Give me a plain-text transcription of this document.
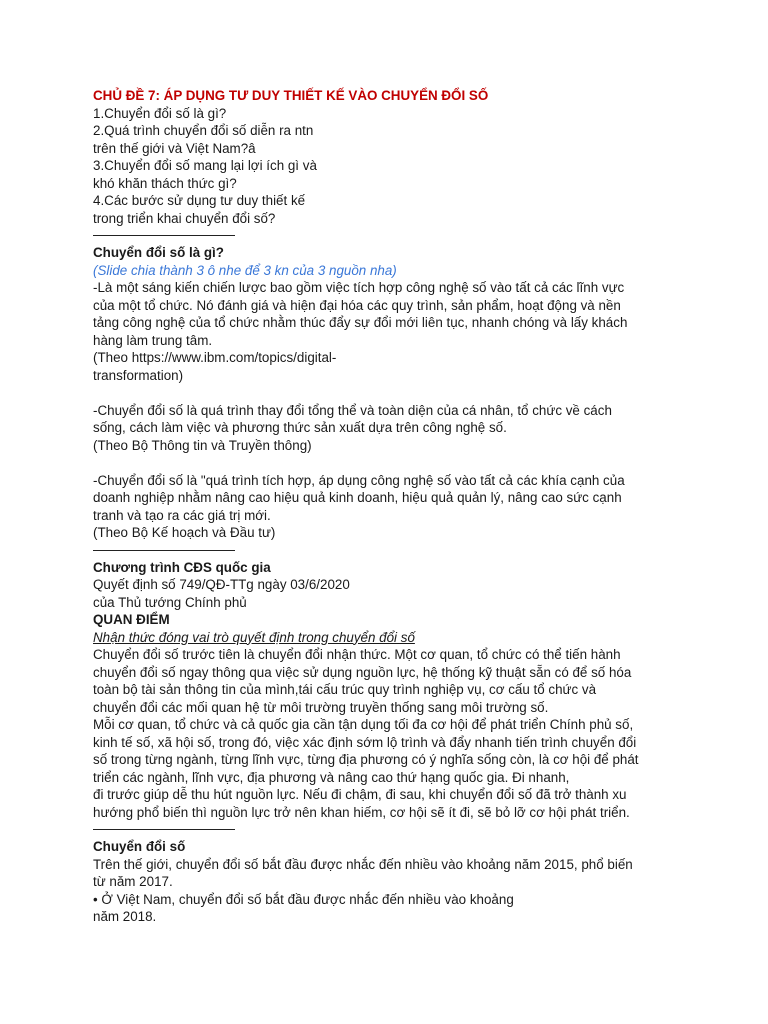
CHỦ ĐỀ 7: ÁP DỤNG TƯ DUY THIẾT KẾ VÀO CHUYỂN ĐỔI SỐ
1.Chuyển đổi số là gì?
2.Quá trình chuyển đổi số diễn ra ntn
trên thế giới và Việt Nam?â
3.Chuyển đổi số mang lại lợi ích gì và
khó khăn thách thức gì?
4.Các bước sử dụng tư duy thiết kế
trong triển khai chuyển đổi số?
Chuyển đổi số là gì?
(Slide chia thành 3 ô nhe để 3 kn của 3 nguồn nha)
-Là một sáng kiến chiến lược bao gồm việc tích hợp công nghệ số vào tất cả các lĩnh vực
của một tổ chức. Nó đánh giá và hiện đại hóa các quy trình, sản phẩm, hoạt động và nền
tảng công nghệ của tổ chức nhằm thúc đẩy sự đổi mới liên tục, nhanh chóng và lấy khách
hàng làm trung tâm.
(Theo https://www.ibm.com/topics/digital-
transformation)
-Chuyển đổi số là quá trình thay đổi tổng thể và toàn diện của cá nhân, tổ chức về cách
sống, cách làm việc và phương thức sản xuất dựa trên công nghệ số.
(Theo Bộ Thông tin và Truyền thông)
-Chuyển đổi số là "quá trình tích hợp, áp dụng công nghệ số vào tất cả các khía cạnh của
doanh nghiệp nhằm nâng cao hiệu quả kinh doanh, hiệu quả quản lý, nâng cao sức cạnh
tranh và tạo ra các giá trị mới.
(Theo Bộ Kế hoạch và Đầu tư)
Chương trình CĐS quốc gia
Quyết định số 749/QĐ-TTg ngày 03/6/2020
của Thủ tướng Chính phủ
QUAN ĐIỂM
Nhận thức đóng vai trò quyết định trong chuyển đổi số
Chuyển đổi số trước tiên là chuyển đổi nhận thức. Một cơ quan, tổ chức có thể tiến hành
chuyển đổi số ngay thông qua việc sử dụng nguồn lực, hệ thống kỹ thuật sẵn có để số hóa
toàn bộ tài sản thông tin của mình,tái cấu trúc quy trình nghiệp vụ, cơ cấu tổ chức và
chuyển đổi các mối quan hệ từ môi trường truyền thống sang môi trường số.
Mỗi cơ quan, tổ chức và cả quốc gia cần tận dụng tối đa cơ hội để phát triển Chính phủ số,
kinh tế số, xã hội số, trong đó, việc xác định sớm lộ trình và đẩy nhanh tiến trình chuyển đổi
số trong từng ngành, từng lĩnh vực, từng địa phương có ý nghĩa sống còn, là cơ hội để phát
triển các ngành, lĩnh vực, địa phương và nâng cao thứ hạng quốc gia. Đi nhanh,
đi trước giúp dễ thu hút nguồn lực. Nếu đi chậm, đi sau, khi chuyển đổi số đã trở thành xu
hướng phổ biến thì nguồn lực trở nên khan hiếm, cơ hội sẽ ít đi, sẽ bỏ lỡ cơ hội phát triển.
Chuyển đổi số
Trên thế giới, chuyển đổi số bắt đầu được nhắc đến nhiều vào khoảng năm 2015, phổ biến
từ năm 2017.
• Ở Việt Nam, chuyển đổi số bắt đầu được nhắc đến nhiều vào khoảng
năm 2018.
